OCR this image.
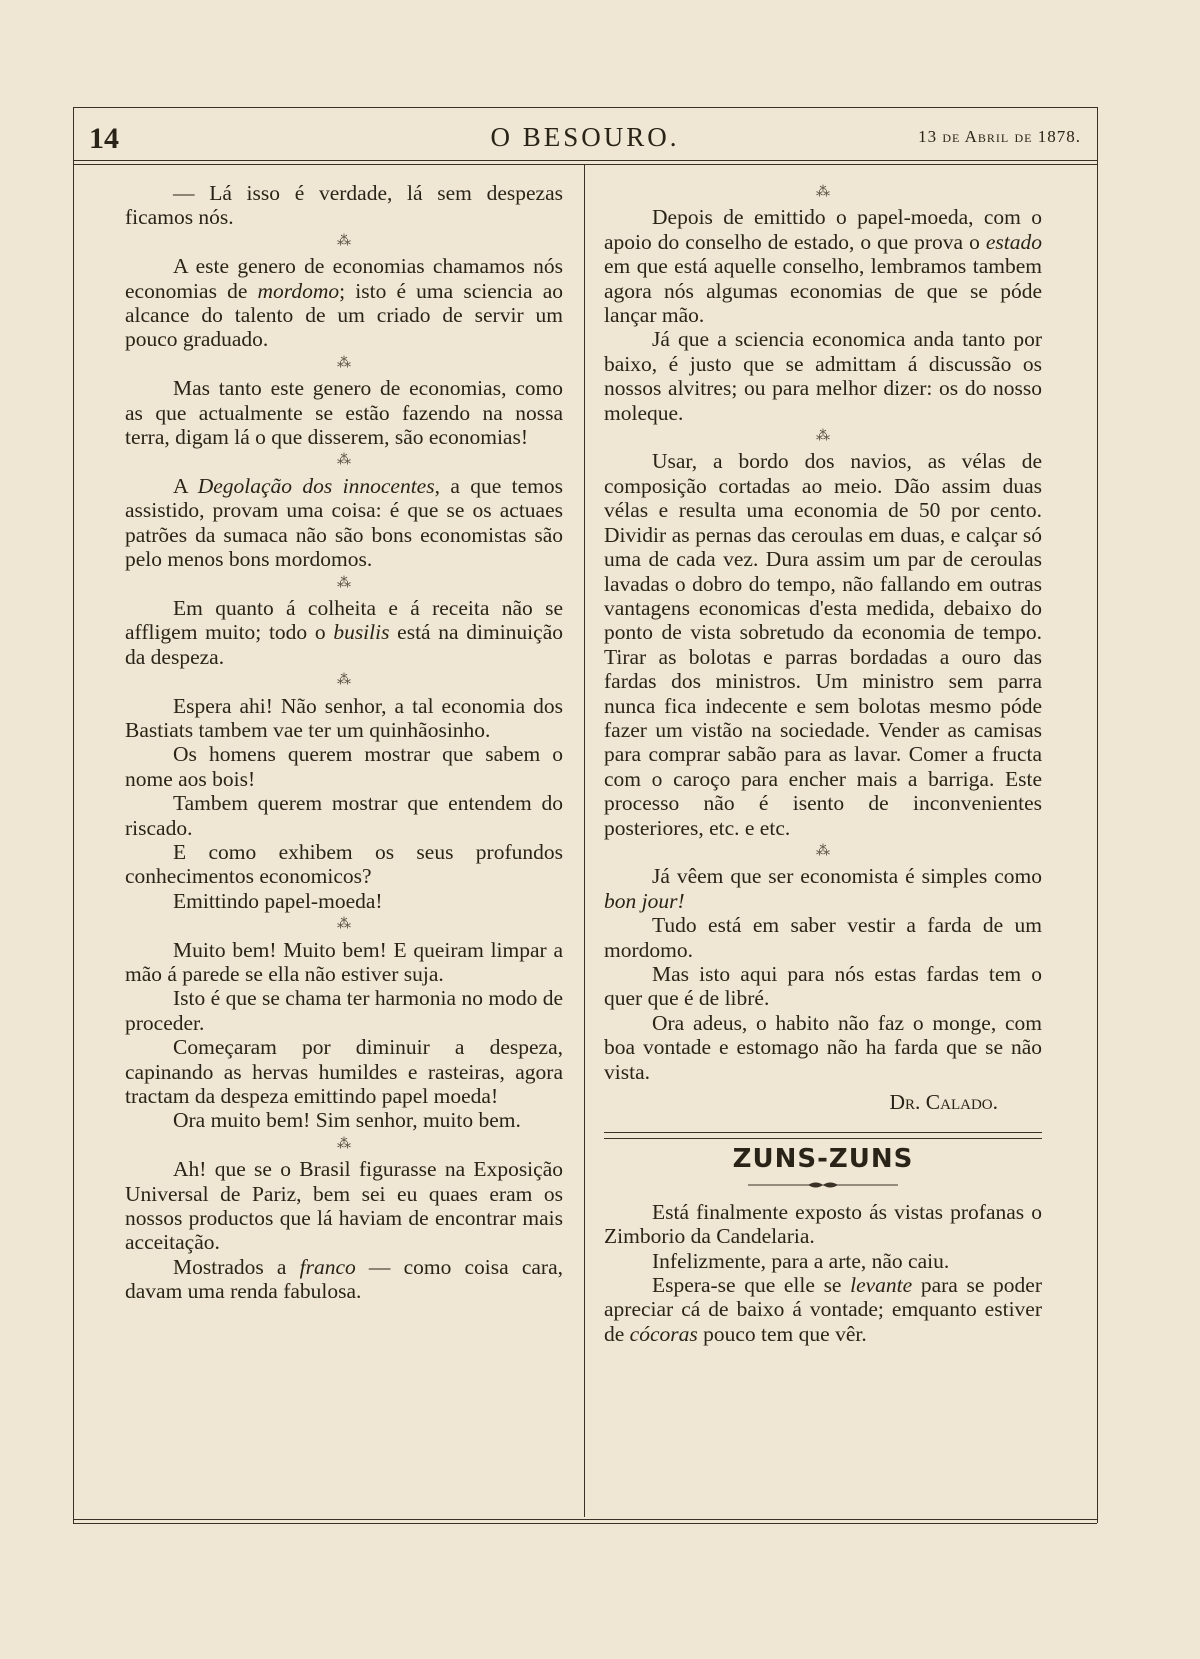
14	O BESOURO.	13 de Abril de 1878.

— Lá isso é verdade, lá sem despezas ficamos nós.

⁂

A este genero de economias chamamos nós economias de mordomo; isto é uma sciencia ao alcance do talento de um criado de servir um pouco graduado.

⁂

Mas tanto este genero de economias, como as que actualmente se estão fazendo na nossa terra, digam lá o que disserem, são economias!

⁂

A Degolação dos innocentes, a que temos assistido, provam uma coisa: é que se os actuaes patrões da sumaca não são bons economistas são pelo menos bons mordomos.

⁂

Em quanto á colheita e á receita não se affligem muito; todo o busilis está na diminuição da despeza.

⁂

Espera ahi! Não senhor, a tal economia dos Bastiats tambem vae ter um quinhãosinho.

Os homens querem mostrar que sabem o nome aos bois!

Tambem querem mostrar que entendem do riscado.

E como exhibem os seus profundos conhecimentos economicos?

Emittindo papel-moeda!

⁂

Muito bem! Muito bem! E queiram limpar a mão á parede se ella não estiver suja.

Isto é que se chama ter harmonia no modo de proceder.

Começaram por diminuir a despeza, capinando as hervas humildes e rasteiras, agora tractam da despeza emittindo papel moeda!

Ora muito bem! Sim senhor, muito bem.

⁂

Ah! que se o Brasil figurasse na Exposição Universal de Pariz, bem sei eu quaes eram os nossos productos que lá haviam de encontrar mais acceitação.

Mostrados a franco — como coisa cara, davam uma renda fabulosa.

⁂

Depois de emittido o papel-moeda, com o apoio do conselho de estado, o que prova o estado em que está aquelle conselho, lembramos tambem agora nós algumas economias de que se póde lançar mão.

Já que a sciencia economica anda tanto por baixo, é justo que se admittam á discussão os nossos alvitres; ou para melhor dizer: os do nosso moleque.

⁂

Usar, a bordo dos navios, as vélas de composição cortadas ao meio. Dão assim duas vélas e resulta uma economia de 50 por cento. Dividir as pernas das ceroulas em duas, e calçar só uma de cada vez. Dura assim um par de ceroulas lavadas o dobro do tempo, não fallando em outras vantagens economicas d'esta medida, debaixo do ponto de vista sobretudo da economia de tempo. Tirar as bolotas e parras bordadas a ouro das fardas dos ministros. Um ministro sem parra nunca fica indecente e sem bolotas mesmo póde fazer um vistão na sociedade. Vender as camisas para comprar sabão para as lavar. Comer a fructa com o caroço para encher mais a barriga. Este processo não é isento de inconvenientes posteriores, etc. e etc.

⁂

Já vêem que ser economista é simples como bon jour!

Tudo está em saber vestir a farda de um mordomo.

Mas isto aqui para nós estas fardas tem o quer que é de libré.

Ora adeus, o habito não faz o monge, com boa vontade e estomago não ha farda que se não vista.

Dr. Calado.
ZUNS-ZUNS

Está finalmente exposto ás vistas profanas o Zimborio da Candelaria.

Infelizmente, para a arte, não caiu.

Espera-se que elle se levante para se poder apreciar cá de baixo á vontade; emquanto estiver de cócoras pouco tem que vêr.
